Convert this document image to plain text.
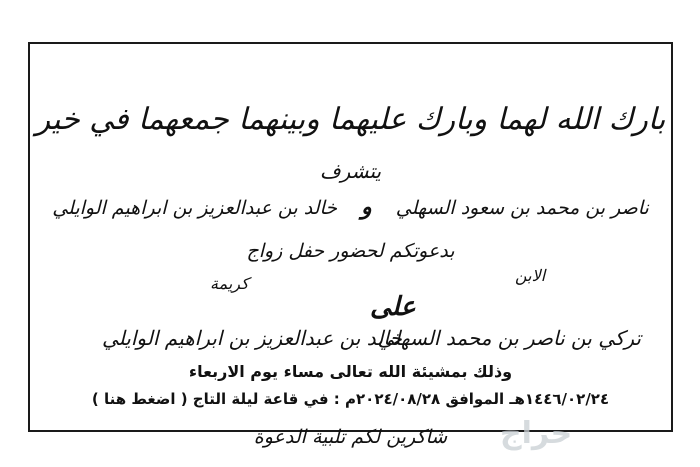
بارك الله لهما وبارك عليهما وبينهما جمعهما في خير
يتشرف
ناصر بن محمد بن سعود السهلي و خالد بن عبدالعزيز بن ابراهيم الوايلي
بدعوتكم لحضور حفل زواج
الابن
كريمة
على
تركي بن ناصر بن محمد السهلي
خالد بن عبدالعزيز بن ابراهيم الوايلي
وذلك بمشيئة الله تعالى مساء يوم الاربعاء
١٤٤٦/٠٢/٢٤هـ الموافق ٢٠٢٤/٠٨/٢٨م : في قاعة ليلة التاج ( اضغط هنا )
شاكرين لكم تلبية الدعوة	حراج
